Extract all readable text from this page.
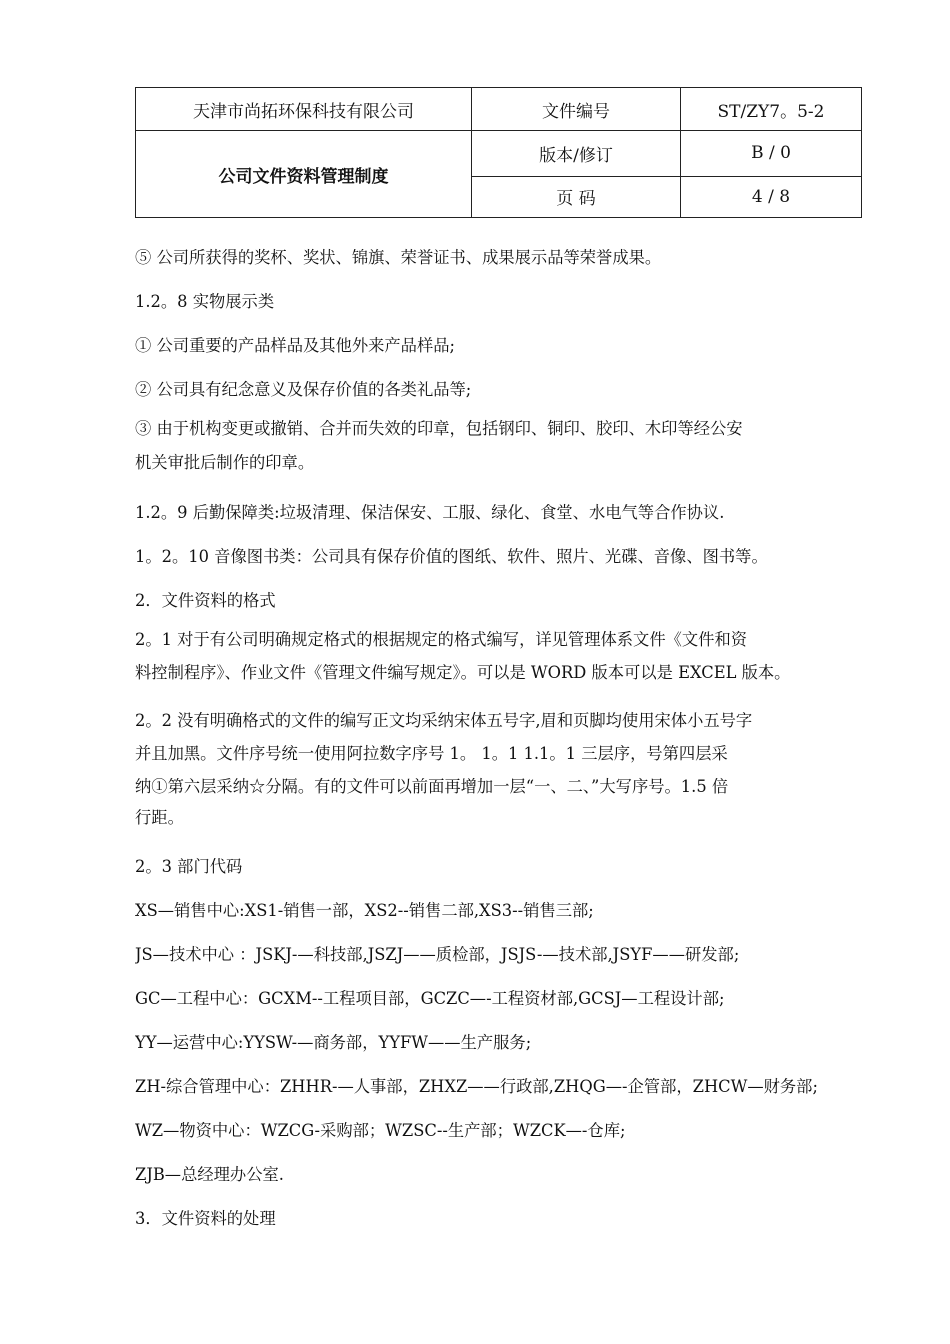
天津市尚拓环保科技有限公司	文件编号	ST/ZY7。5-2
公司文件资料管理制度	版本/修订	B / 0
	页 码	4 / 8
⑤ 公司所获得的奖杯、奖状、锦旗、荣誉证书、成果展示品等荣誉成果。
1.2。8 实物展示类
① 公司重要的产品样品及其他外来产品样品;
② 公司具有纪念意义及保存价值的各类礼品等;
③ 由于机构变更或撤销、合并而失效的印章，包括钢印、铜印、胶印、木印等经公安
机关审批后制作的印章。
1.2。9 后勤保障类:垃圾清理、保洁保安、工服、绿化、食堂、水电气等合作协议.
1。2。10 音像图书类：公司具有保存价值的图纸、软件、照片、光碟、音像、图书等。
2．文件资料的格式
2。1 对于有公司明确规定格式的根据规定的格式编写，详见管理体系文件《文件和资
料控制程序》、作业文件《管理文件编写规定》。可以是 WORD 版本可以是 EXCEL 版本。
2。2 没有明确格式的文件的编写正文均采纳宋体五号字,眉和页脚均使用宋体小五号字
并且加黑。文件序号统一使用阿拉数字序号 1。 1。1 1.1。1 三层序，号第四层采
纳①第六层采纳☆分隔。有的文件可以前面再增加一层“一、二、”大写序号。1.5 倍
行距。
2。3 部门代码
XS—销售中心:XS1-销售一部，XS2--销售二部,XS3--销售三部;
JS—技术中心 ：JSKJ-—科技部,JSZJ——质检部，JSJS-—技术部,JSYF——研发部;
GC—工程中心：GCXM--工程项目部，GCZC—-工程资材部,GCSJ—工程设计部;
YY—运营中心:YYSW-—商务部，YYFW——生产服务;
ZH-综合管理中心：ZHHR-—人事部，ZHXZ——行政部,ZHQG—-企管部，ZHCW—财务部;
WZ—物资中心：WZCG-采购部；WZSC--生产部；WZCK—-仓库;
ZJB—总经理办公室.
3．文件资料的处理
